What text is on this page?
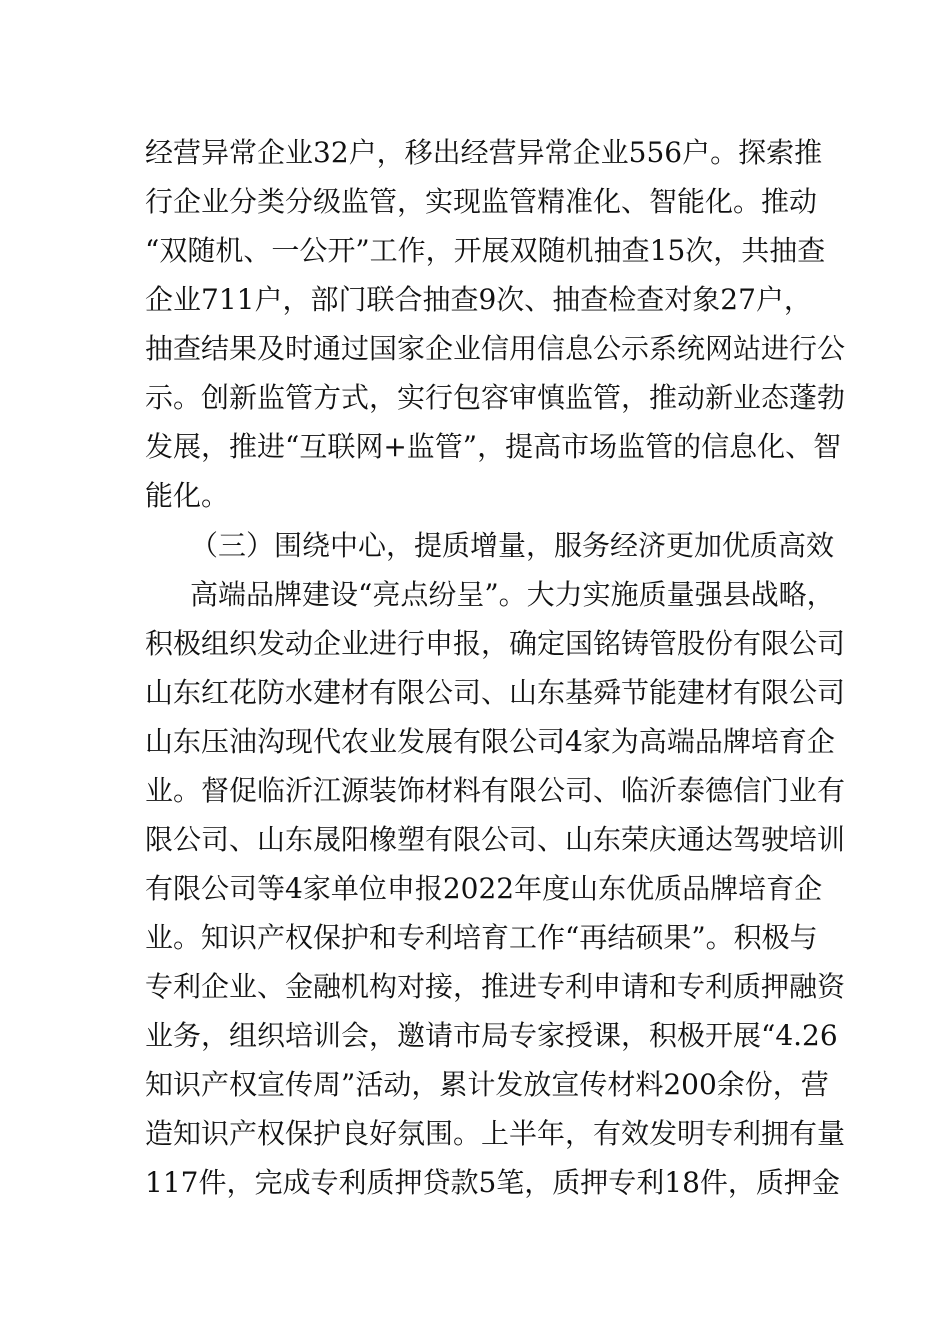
经营异常企业32户，移出经营异常企业556户。探索推
行企业分类分级监管，实现监管精准化、智能化。推动
“双随机、一公开”工作，开展双随机抽查15次，共抽查
企业711户，部门联合抽查9次、抽查检查对象27户，
抽查结果及时通过国家企业信用信息公示系统网站进行公
示。创新监管方式，实行包容审慎监管，推动新业态蓬勃
发展，推进“互联网+监管”，提高市场监管的信息化、智
能化。
（三）围绕中心，提质增量，服务经济更加优质高效
高端品牌建设“亮点纷呈”。大力实施质量强县战略，
积极组织发动企业进行申报，确定国铭铸管股份有限公司
山东红花防水建材有限公司、山东基舜节能建材有限公司
山东压油沟现代农业发展有限公司4家为高端品牌培育企
业。督促临沂江源装饰材料有限公司、临沂泰德信门业有
限公司、山东晟阳橡塑有限公司、山东荣庆通达驾驶培训
有限公司等4家单位申报2022年度山东优质品牌培育企
业。知识产权保护和专利培育工作“再结硕果”。积极与
专利企业、金融机构对接，推进专利申请和专利质押融资
业务，组织培训会，邀请市局专家授课，积极开展“4.26
知识产权宣传周”活动，累计发放宣传材料200余份，营
造知识产权保护良好氛围。上半年，有效发明专利拥有量
117件，完成专利质押贷款5笔，质押专利18件，质押金
